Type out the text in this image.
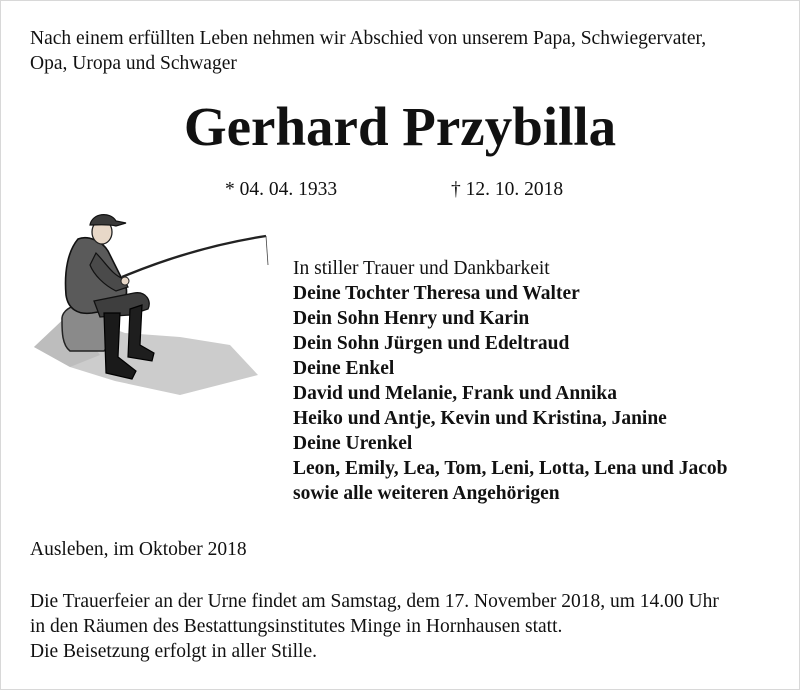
Nach einem erfüllten Leben nehmen wir Abschied von unserem Papa, Schwiegervater,
Opa, Uropa und Schwager
Gerhard Przybilla
* 04. 04. 1933	† 12. 10. 2018
In stiller Trauer und Dankbarkeit
Deine Tochter Theresa und Walter
Dein Sohn Henry und Karin
Dein Sohn Jürgen und Edeltraud
Deine Enkel
David und Melanie, Frank und Annika
Heiko und Antje, Kevin und Kristina, Janine
Deine Urenkel
Leon, Emily, Lea, Tom, Leni, Lotta, Lena und Jacob
sowie alle weiteren Angehörigen
Ausleben, im Oktober 2018
Die Trauerfeier an der Urne findet am Samstag, dem 17. November 2018, um 14.00 Uhr
in den Räumen des Bestattungsinstitutes Minge in Hornhausen statt.
Die Beisetzung erfolgt in aller Stille.
